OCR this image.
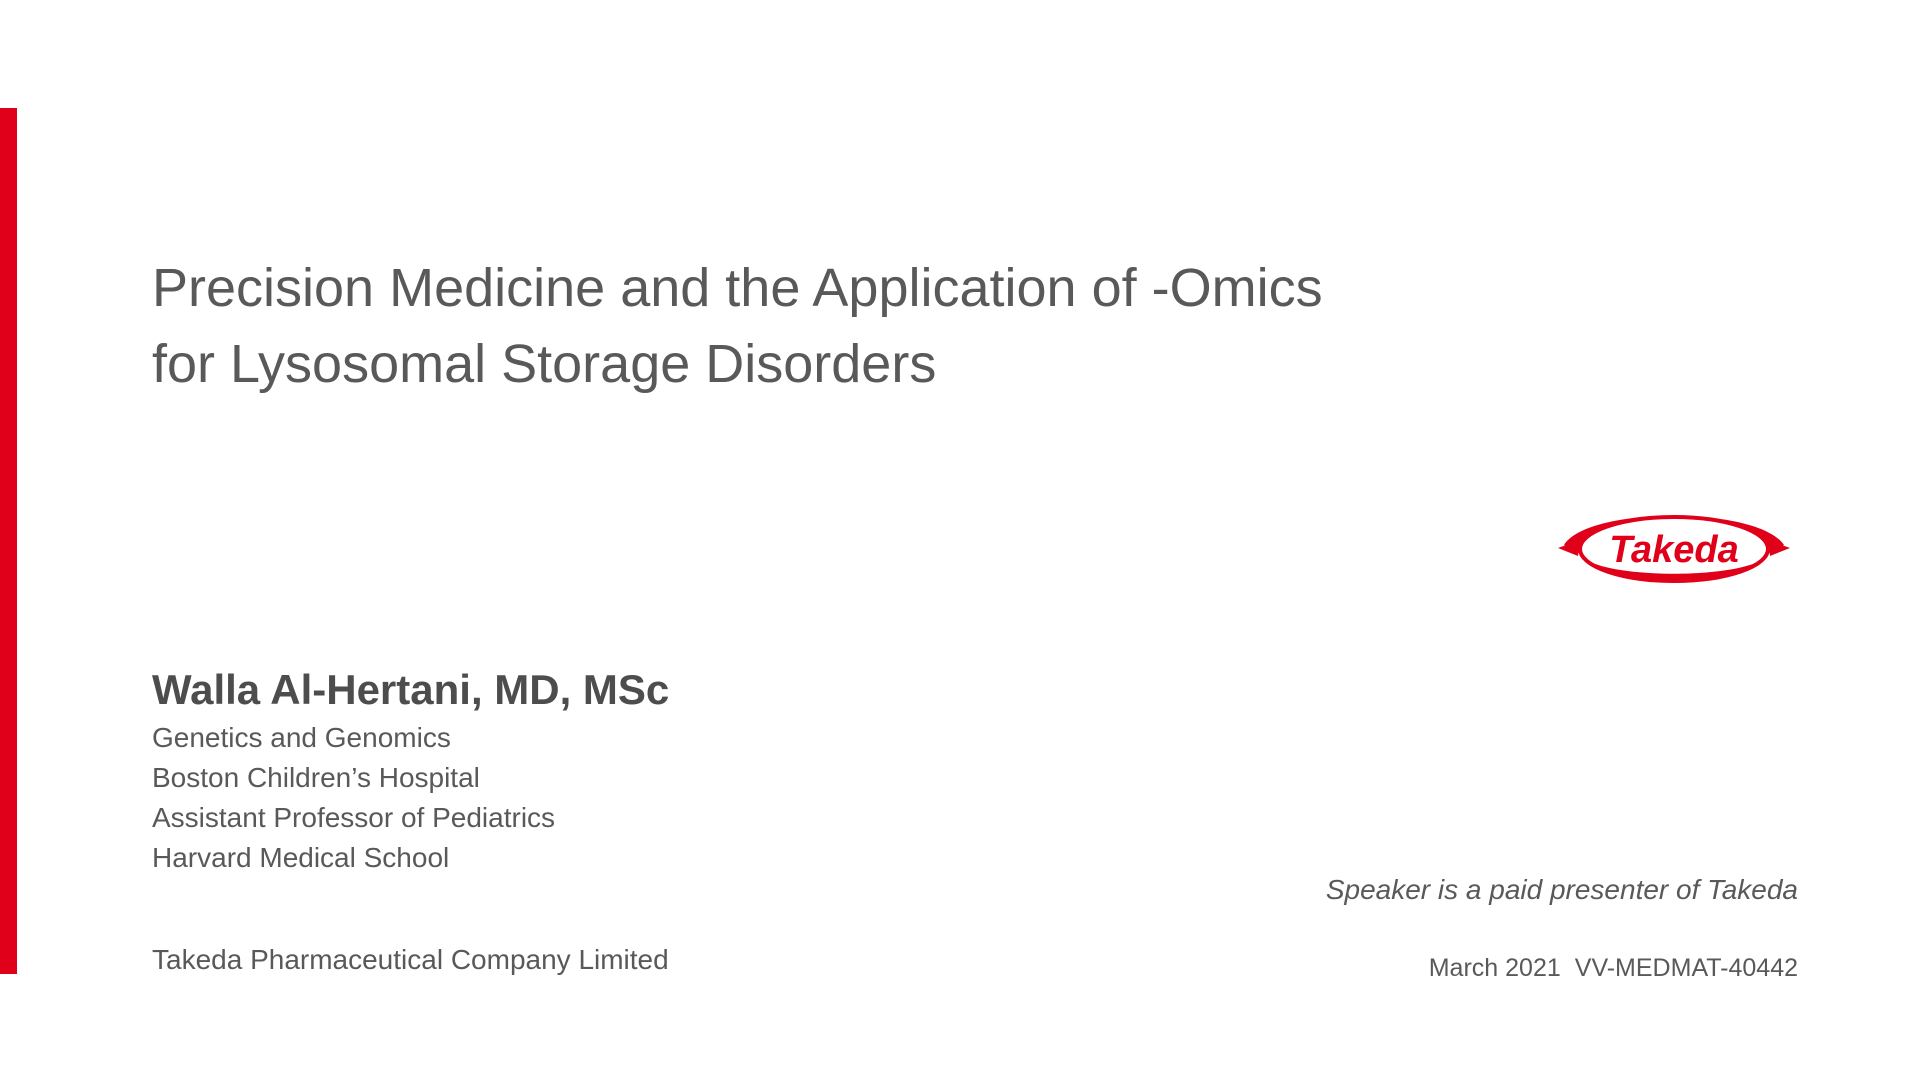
Precision Medicine and the Application of -Omics
for Lysosomal Storage Disorders
Takeda
Walla Al-Hertani, MD, MSc
Genetics and Genomics
Boston Children’s Hospital
Assistant Professor of Pediatrics
Harvard Medical School
Takeda Pharmaceutical Company Limited
Speaker is a paid presenter of Takeda
March 2021 VV-MEDMAT-40442
